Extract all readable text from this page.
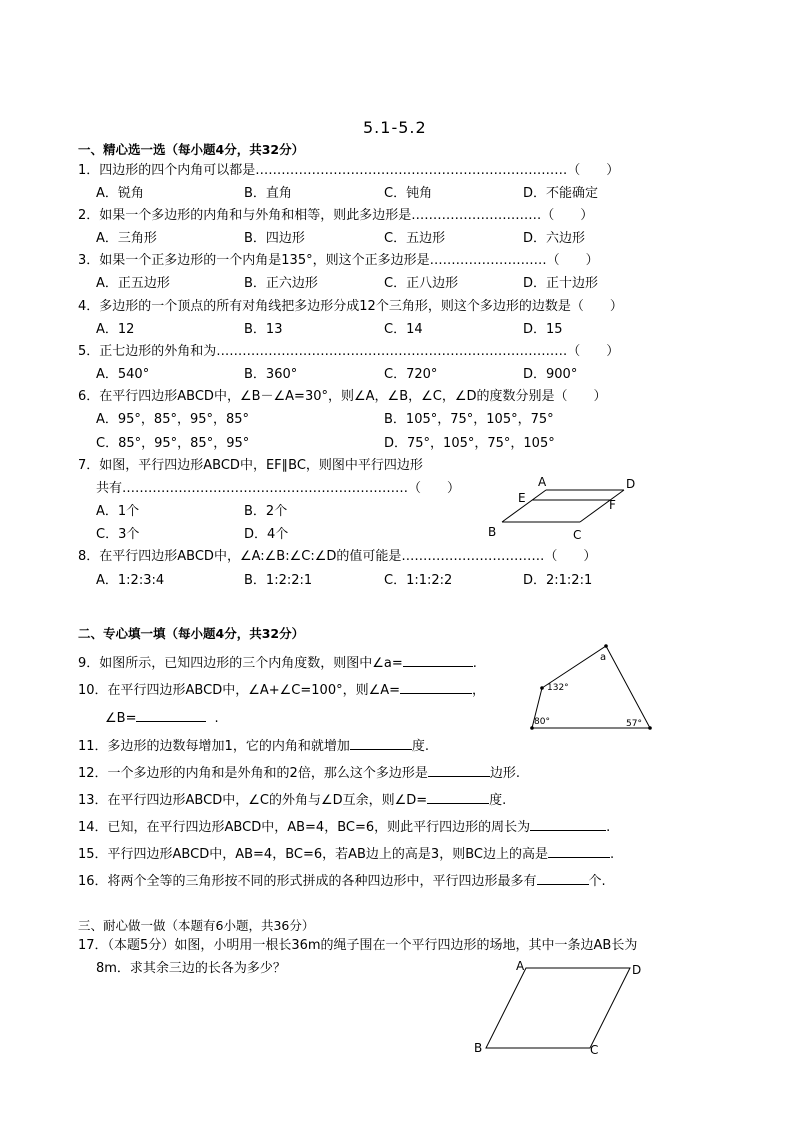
5.1-5.2
一、精心选一选（每小题4分，共32分）
1．四边形的四个内角可以都是………………………………………………………………（　　）
A．锐角	B．直角	C．钝角	D．不能确定
2．如果一个多边形的内角和与外角和相等，则此多边形是…………………………（　　）
A．三角形	B．四边形	C．五边形	D．六边形
3．如果一个正多边形的一个内角是135°，则这个正多边形是………………………（　　）
A．正五边形	B．正六边形	C．正八边形	D．正十边形
4．多边形的一个顶点的所有对角线把多边形分成12个三角形，则这个多边形的边数是（　　）
A．12	B．13	C．14	D．15
5．正七边形的外角和为………………………………………………………………………（　　）
A．540°	B．360°	C．720°	D．900°
6．在平行四边形ABCD中，∠B－∠A=30°，则∠A，∠B，∠C，∠D的度数分别是（　　）
A．95°，85°，95°，85°	B．105°，75°，105°，75°
C．85°，95°，85°，95°	D．75°，105°，75°，105°
7．如图，平行四边形ABCD中，EF∥BC，则图中平行四边形
共有…………………………………………………………（　　）
A．1个	B．2个
C．3个	D．4个
A	D
E	F
B	C
8．在平行四边形ABCD中，∠A:∠B:∠C:∠D的值可能是……………………………（　　）
A．1:2:3:4	B．1:2:2:1	C．1:1:2:2	D．2:1:2:1
二、专心填一填（每小题4分，共32分）
9．如图所示，已知四边形的三个内角度数，则图中∠a=	.
10．在平行四边形ABCD中，∠A+∠C=100°，则∠A=	，
∠B=	.
a
132°
80°	57°
11．多边形的边数每增加1，它的内角和就增加	度.
12．一个多边形的内角和是外角和的2倍，那么这个多边形是	边形.
13．在平行四边形ABCD中，∠C的外角与∠D互余，则∠D=	度.
14．已知，在平行四边形ABCD中，AB=4，BC=6，则此平行四边形的周长为	.
15．平行四边形ABCD中，AB=4，BC=6，若AB边上的高是3，则BC边上的高是	.
16．将两个全等的三角形按不同的形式拼成的各种四边形中，平行四边形最多有	个.
三、耐心做一做（本题有6小题，共36分）
17．（本题5分）如图，小明用一根长36m的绳子围在一个平行四边形的场地，其中一条边AB长为
8m．求其余三边的长各为多少？	A	D
B	C
